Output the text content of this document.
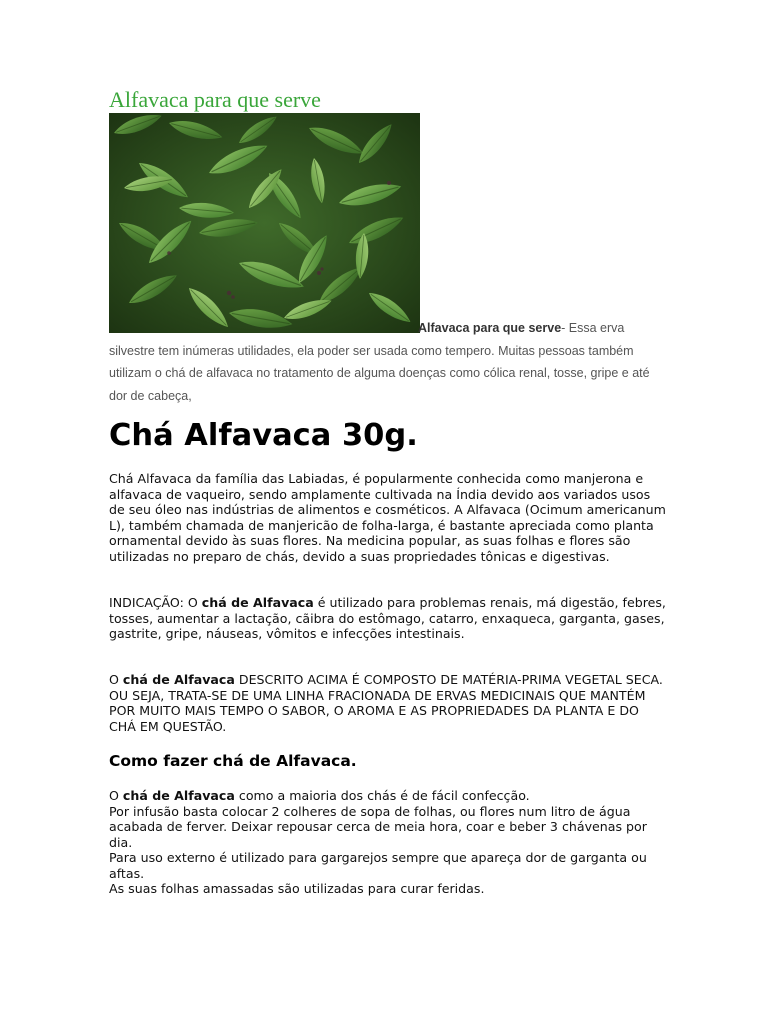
Alfavaca para que serve

Alfavaca para que serve- Essa erva silvestre tem inúmeras utilidades, ela poder ser usada como tempero. Muitas pessoas também utilizam o chá de alfavaca no tratamento de alguma doenças como cólica renal, tosse, gripe e até dor de cabeça,

Chá Alfavaca 30g.

Chá Alfavaca da família das Labiadas, é popularmente conhecida como manjerona e alfavaca de vaqueiro, sendo amplamente cultivada na Índia devido aos variados usos de seu óleo nas indústrias de alimentos e cosméticos. A Alfavaca (Ocimum americanum L), também chamada de manjericão de folha-larga, é bastante apreciada como planta ornamental devido às suas flores. Na medicina popular, as suas folhas e flores são utilizadas no preparo de chás, devido a suas propriedades tônicas e digestivas.

INDICAÇÃO: O chá de Alfavaca é utilizado para problemas renais, má digestão, febres, tosses, aumentar a lactação, cãibra do estômago, catarro, enxaqueca, garganta, gases, gastrite, gripe, náuseas, vômitos e infecções intestinais.

O chá de Alfavaca DESCRITO ACIMA É COMPOSTO DE MATÉRIA-PRIMA VEGETAL SECA. OU SEJA, TRATA-SE DE UMA LINHA FRACIONADA DE ERVAS MEDICINAIS QUE MANTÉM POR MUITO MAIS TEMPO O SABOR, O AROMA E AS PROPRIEDADES DA PLANTA E DO CHÁ EM QUESTÃO.

Como fazer chá de Alfavaca.
O chá de Alfavaca como a maioria dos chás é de fácil confecção.
Por infusão basta colocar 2 colheres de sopa de folhas, ou flores num litro de água acabada de ferver. Deixar repousar cerca de meia hora, coar e beber 3 chávenas por dia.
Para uso externo é utilizado para gargarejos sempre que apareça dor de garganta ou aftas.
As suas folhas amassadas são utilizadas para curar feridas.
